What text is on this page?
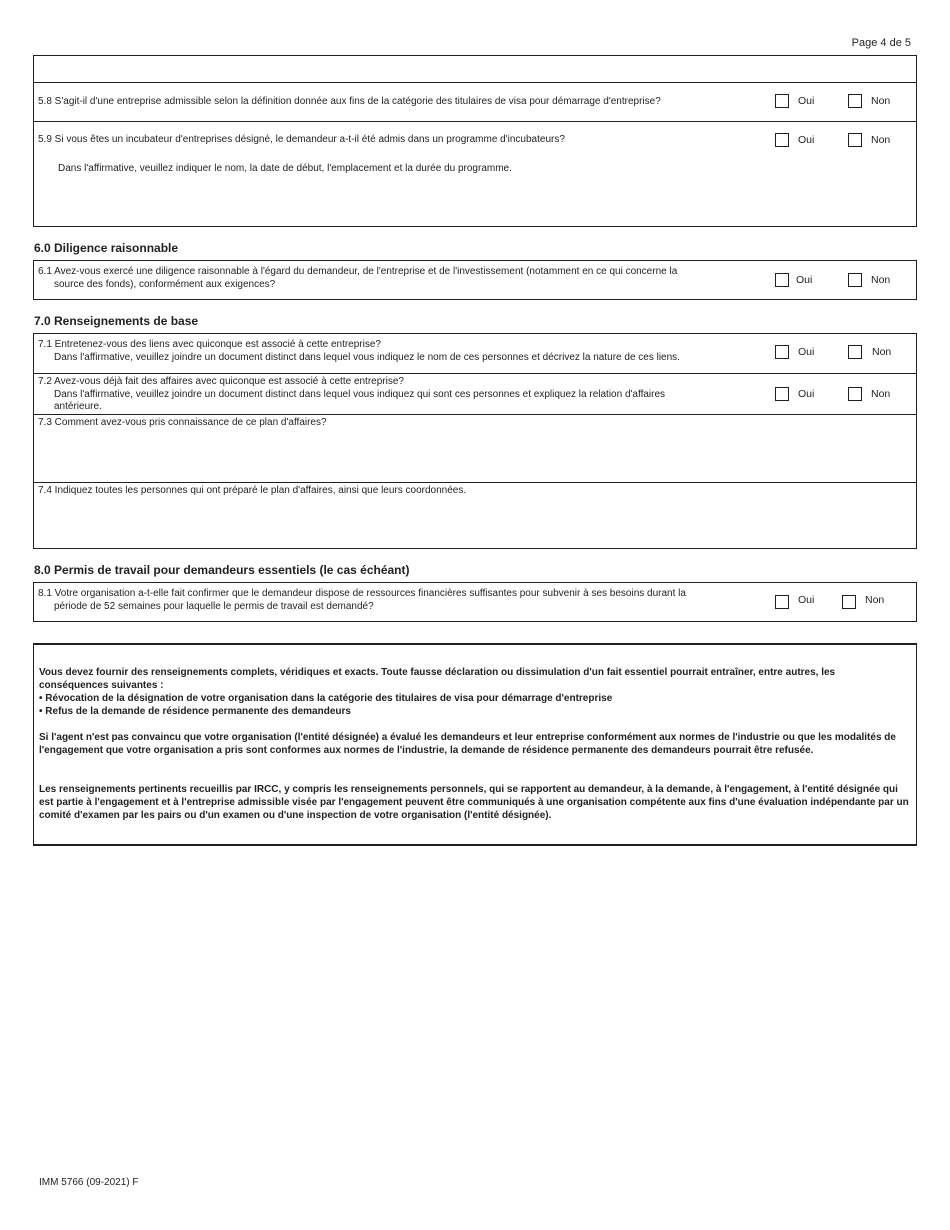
Page 4 de 5
5.8 S'agit-il d'une entreprise admissible selon la définition donnée aux fins de la catégorie des titulaires de visa pour démarrage d'entreprise?	Oui	Non
5.9 Si vous êtes un incubateur d'entreprises désigné, le demandeur a-t-il été admis dans un programme d'incubateurs?
Dans l'affirmative, veuillez indiquer le nom, la date de début, l'emplacement et la durée du programme.
Oui	Non
6.0 Diligence raisonnable
6.1 Avez-vous exercé une diligence raisonnable à l'égard du demandeur, de l'entreprise et de l'investissement (notamment en ce qui concerne la
source des fonds), conformément aux exigences?	Oui	Non
7.0 Renseignements de base
7.1 Entretenez-vous des liens avec quiconque est associé à cette entreprise?
Dans l'affirmative, veuillez joindre un document distinct dans lequel vous indiquez le nom de ces personnes et décrivez la nature de ces liens.	Oui	Non
7.2 Avez-vous déjà fait des affaires avec quiconque est associé à cette entreprise?
Dans l'affirmative, veuillez joindre un document distinct dans lequel vous indiquez qui sont ces personnes et expliquez la relation d'affaires
antérieure.
Oui	Non
7.3 Comment avez-vous pris connaissance de ce plan d'affaires?
7.4 Indiquez toutes les personnes qui ont préparé le plan d'affaires, ainsi que leurs coordonnées.
8.0 Permis de travail pour demandeurs essentiels (le cas échéant)
8.1 Votre organisation a-t-elle fait confirmer que le demandeur dispose de ressources financières suffisantes pour subvenir à ses besoins durant la
période de 52 semaines pour laquelle le permis de travail est demandé?	Oui	Non

Vous devez fournir des renseignements complets, véridiques et exacts. Toute fausse déclaration ou dissimulation d'un fait essentiel pourrait entraîner, entre autres, les
conséquences suivantes :
• Révocation de la désignation de votre organisation dans la catégorie des titulaires de visa pour démarrage d'entreprise
• Refus de la demande de résidence permanente des demandeurs

Si l'agent n'est pas convaincu que votre organisation (l'entité désignée) a évalué les demandeurs et leur entreprise conformément aux normes de l'industrie ou que les modalités de l'engagement que votre organisation a pris sont conformes aux normes de l'industrie, la demande de résidence permanente des demandeurs pourrait être refusée.

Les renseignements pertinents recueillis par IRCC, y compris les renseignements personnels, qui se rapportent au demandeur, à la demande, à l'engagement, à l'entité désignée qui est partie à l'engagement et à l'entreprise admissible visée par l'engagement peuvent être communiqués à une organisation compétente aux fins d'une évaluation indépendante par un comité d'examen par les pairs ou d'un examen ou d'une inspection de votre organisation (l'entité désignée).

IMM 5766 (09-2021) F
